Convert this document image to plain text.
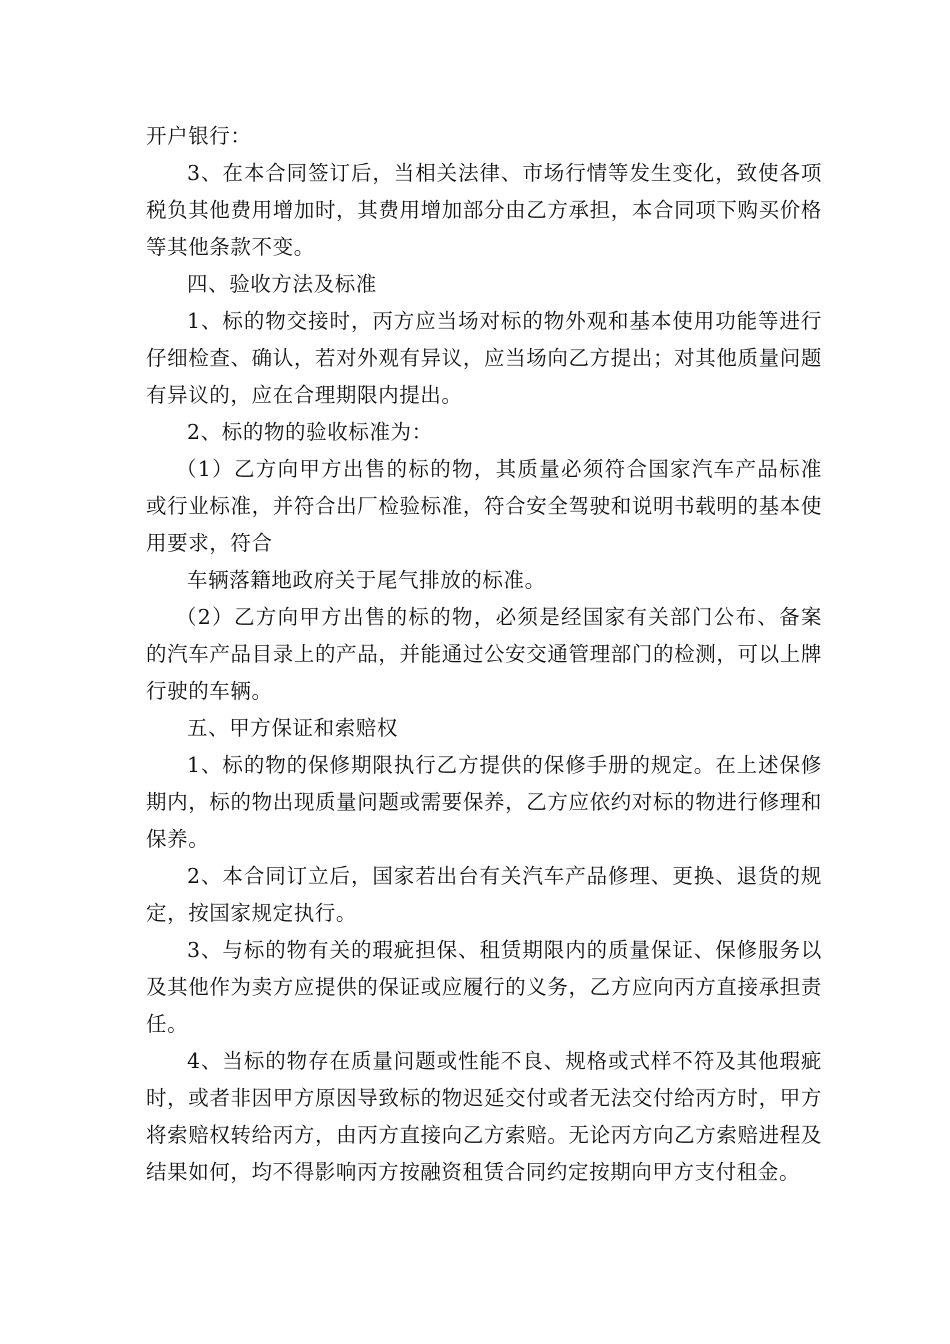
开户银行：

3、在本合同签订后，当相关法律、市场行情等发生变化，致使各项税负其他费用增加时，其费用增加部分由乙方承担，本合同项下购买价格等其他条款不变。

四、验收方法及标准

1、标的物交接时，丙方应当场对标的物外观和基本使用功能等进行仔细检查、确认，若对外观有异议，应当场向乙方提出；对其他质量问题有异议的，应在合理期限内提出。

2、标的物的验收标准为：

（1）乙方向甲方出售的标的物，其质量必须符合国家汽车产品标准或行业标准，并符合出厂检验标准，符合安全驾驶和说明书载明的基本使用要求，符合

车辆落籍地政府关于尾气排放的标准。

（2）乙方向甲方出售的标的物，必须是经国家有关部门公布、备案的汽车产品目录上的产品，并能通过公安交通管理部门的检测，可以上牌行驶的车辆。

五、甲方保证和索赔权

1、标的物的保修期限执行乙方提供的保修手册的规定。在上述保修期内，标的物出现质量问题或需要保养，乙方应依约对标的物进行修理和保养。

2、本合同订立后，国家若出台有关汽车产品修理、更换、退货的规定，按国家规定执行。

3、与标的物有关的瑕疵担保、租赁期限内的质量保证、保修服务以及其他作为卖方应提供的保证或应履行的义务，乙方应向丙方直接承担责任。

4、当标的物存在质量问题或性能不良、规格或式样不符及其他瑕疵时，或者非因甲方原因导致标的物迟延交付或者无法交付给丙方时，甲方将索赔权转给丙方，由丙方直接向乙方索赔。无论丙方向乙方索赔进程及结果如何，均不得影响丙方按融资租赁合同约定按期向甲方支付租金。
